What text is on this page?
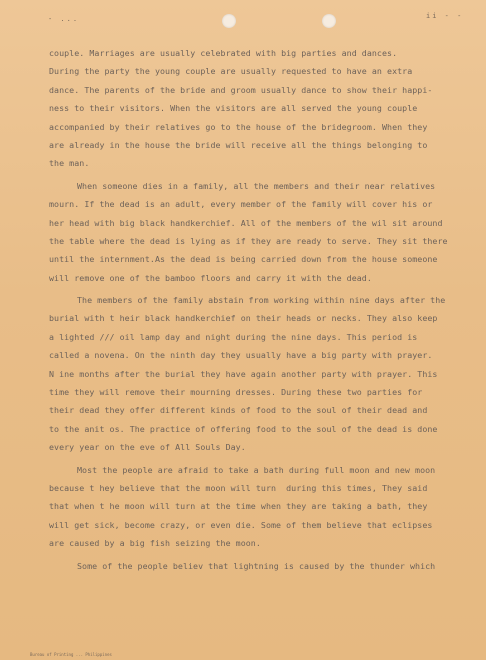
- ...	ii - -
couple. Marriages are usually celebrated with big parties and dances.
During the party the young couple are usually requested to have an extra
dance. The parents of the bride and groom usually dance to show their happi-
ness to their visitors. When the visitors are all served the young couple
accompanied by their relatives go to the house of the bridegroom. When they
are already in the house the bride will receive all the things belonging to
the man.
When someone dies in a family, all the members and their near relatives
mourn. If the dead is an adult, every member of the family will cover his or
her head with big black handkerchief. All of the members of the wil sit around
the table where the dead is lying as if they are ready to serve. They sit there
until the internment.As the dead is being carried down from the house someone
will remove one of the bamboo floors and carry it with the dead.
The members of the family abstain from working within nine days after the
burial with t heir black handkerchief on their heads or necks. They also keep
a lighted /// oil lamp day and night during the nine days. This period is
called a novena. On the ninth day they usually have a big party with prayer.
N ine months after the burial they have again another party with prayer. This
time they will remove their mourning dresses. During these two parties for
their dead they offer different kinds of food to the soul of their dead and
to the anit os. The practice of offering food to the soul of the dead is done
every year on the eve of All Souls Day.
Most the people are afraid to take a bath during full moon and new moon
because t hey believe that the moon will turn  during this times, They said
that when t he moon will turn at the time when they are taking a bath, they
will get sick, become crazy, or even die. Some of them believe that eclipses
are caused by a big fish seizing the moon.
Some of the people believ that lightning is caused by the thunder which
Bureau of Printing ... Philippines
